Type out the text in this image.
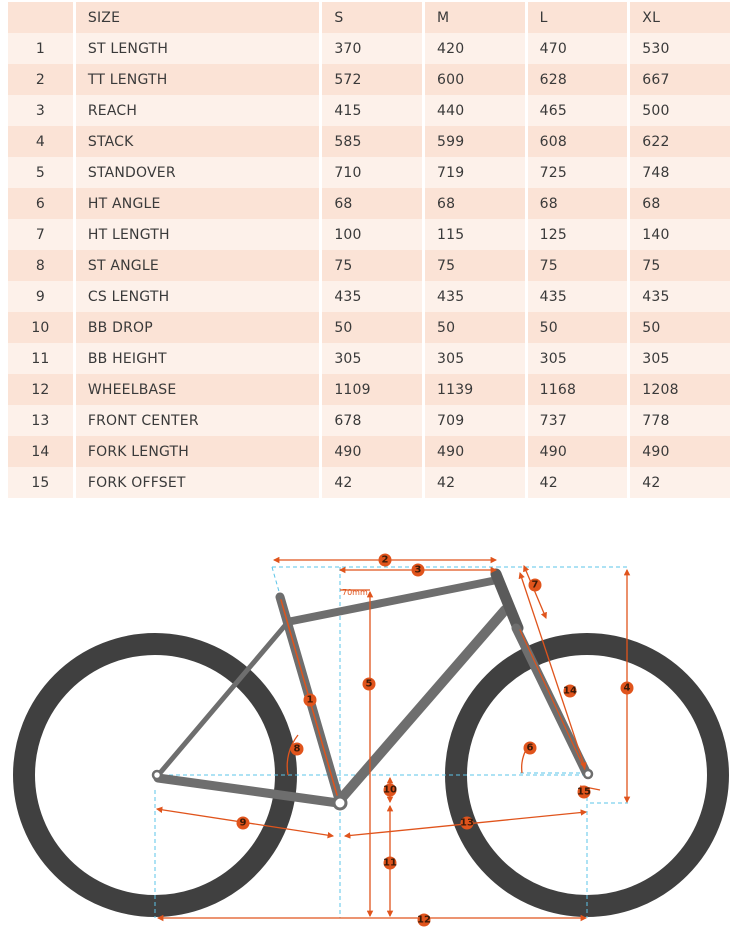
	SIZE	S	M	L	XL
1	ST LENGTH	370	420	470	530
2	TT LENGTH	572	600	628	667
3	REACH	415	440	465	500
4	STACK	585	599	608	622
5	STANDOVER	710	719	725	748
6	HT ANGLE	68	68	68	68
7	HT LENGTH	100	115	125	140
8	ST ANGLE	75	75	75	75
9	CS LENGTH	435	435	435	435
10	BB DROP	50	50	50	50
11	BB HEIGHT	305	305	305	305
12	WHEELBASE	1109	1139	1168	1208
13	FRONT CENTER	678	709	737	778
14	FORK LENGTH	490	490	490	490
15	FORK OFFSET	42	42	42	42
70mm
1
2
3
4
5
6
7
8
9
10
11
12
13
14
15
